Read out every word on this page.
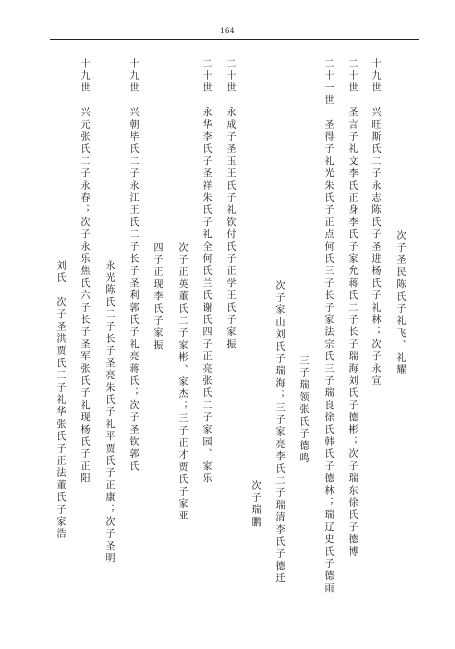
164
十九世　兴旺斯氏二子永志陈氏子圣进杨氏子礼林；次子永宣 次子圣民陈氏子礼飞、礼耀
二十世　圣言子礼文李氏正身李氏子家允蒋氏二子长子瑞海刘氏子德彬；次子瑞东徐氏子德博
二十一世　圣得子礼光朱氏子正点何氏三子长子家法宗氏三子瑞良徐氏韩氏子德林；瑞辽史氏子德雨
三子瑞领张氏子德鸣
次子家山刘氏子瑞海；三子家亮李氏二子瑞清李氏子德迁
次子瑞鹏
二十世　永成子圣玉王氏子礼钦付氏子正学王氏子家振
二十世　永华李氏子圣祥朱氏子礼全何氏兰氏谢氏四子正亮张氏二子家园、家乐
次子正英董氏二子家彬、家杰；三子正才贾氏子家亚
四子正现李氏子家振
十九世　兴朝毕氏二子永江王氏二子长子圣利郭氏子礼亮蒋氏；次子圣钦郭氏
永光陈氏二子长子圣亮朱氏子礼平贾氏子正康；次子圣明
十九世　兴元张氏二子永春；次子永乐焦氏六子长子圣军张氏子礼现杨氏子正阳
刘氏　次子圣洪贾氏二子礼华张氏子正法董氏子家浩
